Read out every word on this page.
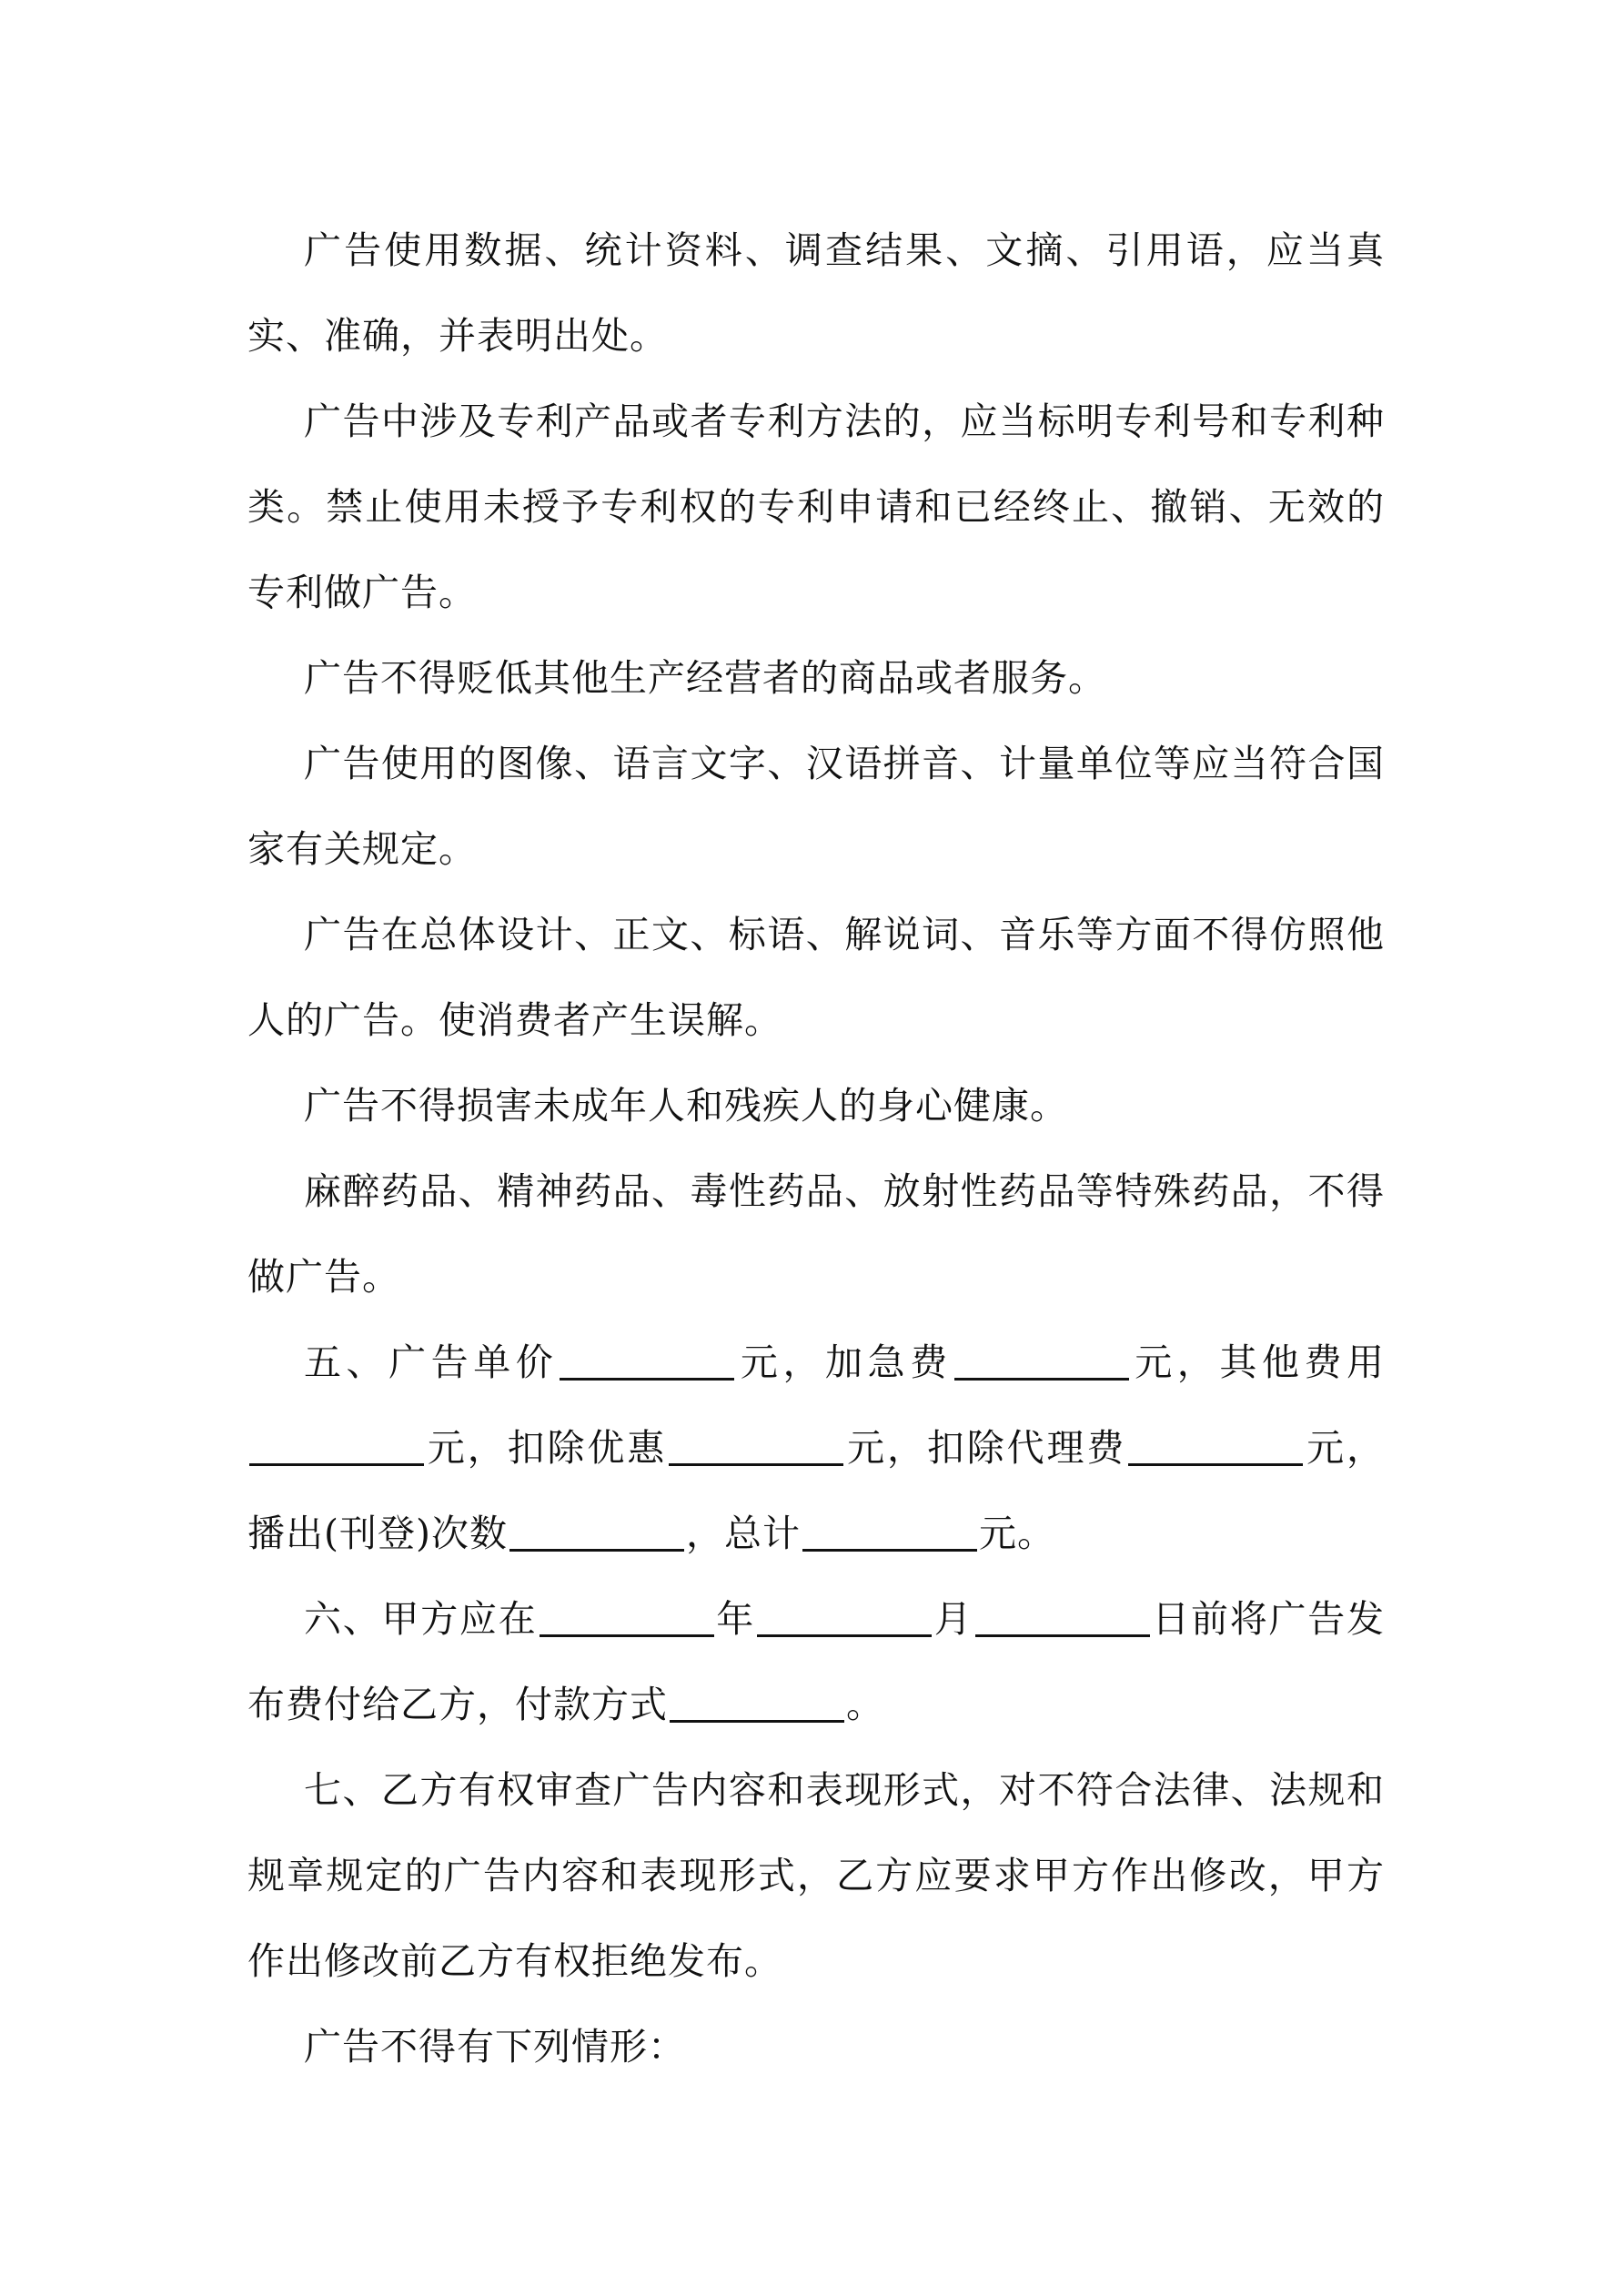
广告使用数据、统计资料、调查结果、文摘、引用语，应当真实、准确，并表明出处。

广告中涉及专利产品或者专利方法的，应当标明专利号和专利种类。禁止使用未授予专利权的专利申请和已经终止、撤销、无效的专利做广告。

广告不得贬低其他生产经营者的商品或者服务。

广告使用的图像、语言文字、汉语拼音、计量单位等应当符合国家有关规定。

广告在总体设计、正文、标语、解说词、音乐等方面不得仿照他人的广告。使消费者产生误解。

广告不得损害未成年人和残疾人的身心健康。

麻醉药品、精神药品、毒性药品、放射性药品等特殊药品，不得做广告。

五、广告单价	元，加急费	元，其他费用元，扣除优惠	元，扣除代理费	元，播出(刊登)次数	，总计	元。

六、甲方应在	年	月	日前将广告发布费付给乙方，付款方式	。

七、乙方有权审查广告内容和表现形式，对不符合法律、法规和规章规定的广告内容和表现形式，乙方应要求甲方作出修改，甲方作出修改前乙方有权拒绝发布。

广告不得有下列情形：
